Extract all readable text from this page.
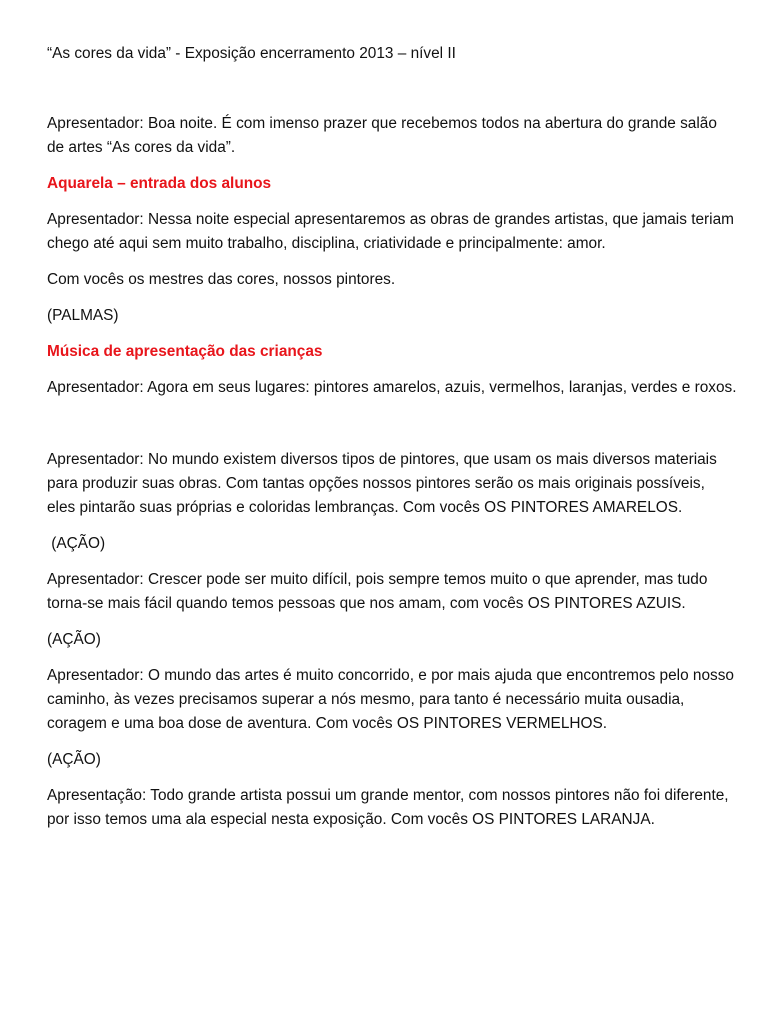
“As cores da vida” - Exposição encerramento 2013 – nível II

Apresentador: Boa noite. É com imenso prazer que recebemos todos na abertura do grande salão de artes “As cores da vida”.

Aquarela – entrada dos alunos

Apresentador: Nessa noite especial apresentaremos as obras de grandes artistas, que jamais teriam chego até aqui sem muito trabalho, disciplina, criatividade e principalmente: amor.

Com vocês os mestres das cores, nossos pintores.

(PALMAS)

Música de apresentação das crianças

Apresentador: Agora em seus lugares: pintores amarelos, azuis, vermelhos, laranjas, verdes e roxos.

Apresentador: No mundo existem diversos tipos de pintores, que usam os mais diversos materiais para produzir suas obras. Com tantas opções nossos pintores serão os mais originais possíveis, eles pintarão suas próprias e coloridas lembranças. Com vocês OS PINTORES AMARELOS.

(AÇÃO)

Apresentador: Crescer pode ser muito difícil, pois sempre temos muito o que aprender, mas tudo torna-se mais fácil quando temos pessoas que nos amam, com vocês OS PINTORES AZUIS.

(AÇÃO)

Apresentador: O mundo das artes é muito concorrido, e por mais ajuda que encontremos pelo nosso caminho, às vezes precisamos superar a nós mesmo, para tanto é necessário muita ousadia, coragem e uma boa dose de aventura. Com vocês OS PINTORES VERMELHOS.

(AÇÃO)

Apresentação: Todo grande artista possui um grande mentor, com nossos pintores não foi diferente, por isso temos uma ala especial nesta exposição. Com vocês OS PINTORES LARANJA.
